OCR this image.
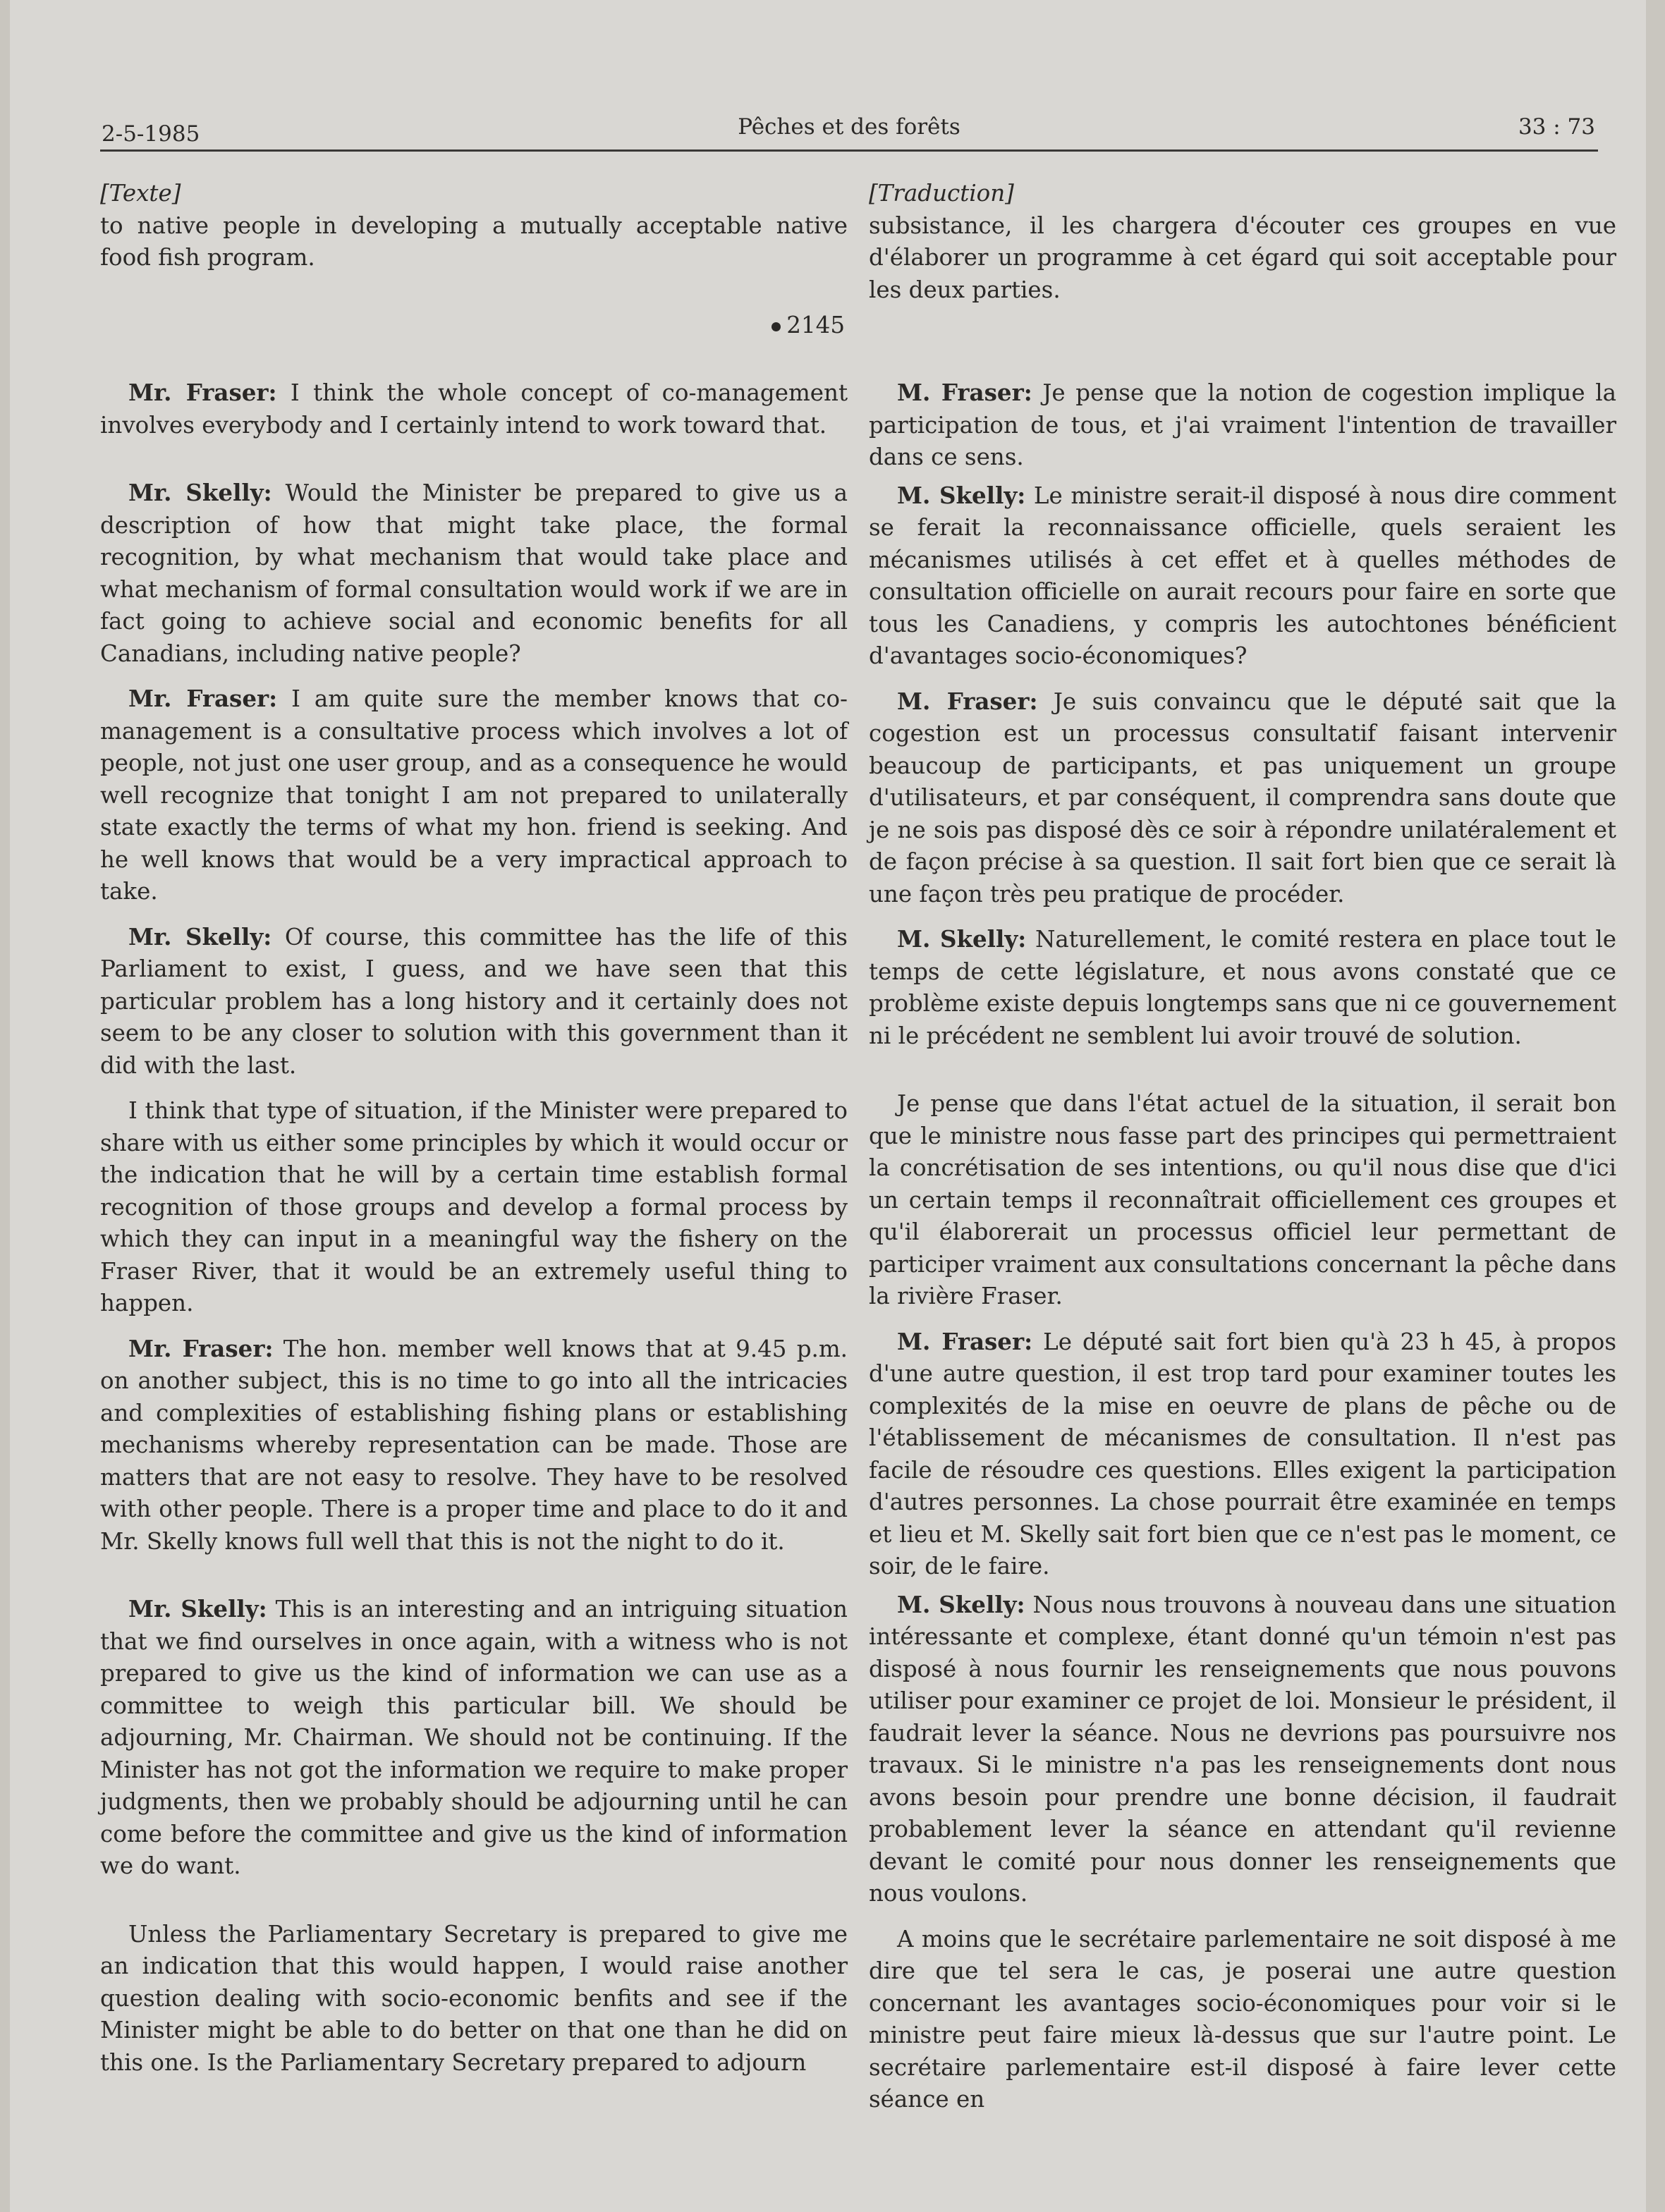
2-5-1985	Pêches et des forêts	33 : 73

[Texte]

to native people in developing a mutually acceptable native food fish program.

2145

Mr. Fraser: I think the whole concept of co-management involves everybody and I certainly intend to work toward that.

Mr. Skelly: Would the Minister be prepared to give us a description of how that might take place, the formal recognition, by what mechanism that would take place and what mechanism of formal consultation would work if we are in fact going to achieve social and economic benefits for all Canadians, including native people?

Mr. Fraser: I am quite sure the member knows that co-management is a consultative process which involves a lot of people, not just one user group, and as a consequence he would well recognize that tonight I am not prepared to unilaterally state exactly the terms of what my hon. friend is seeking. And he well knows that would be a very impractical approach to take.

Mr. Skelly: Of course, this committee has the life of this Parliament to exist, I guess, and we have seen that this particular problem has a long history and it certainly does not seem to be any closer to solution with this government than it did with the last.

I think that type of situation, if the Minister were prepared to share with us either some principles by which it would occur or the indication that he will by a certain time establish formal recognition of those groups and develop a formal process by which they can input in a meaningful way the fishery on the Fraser River, that it would be an extremely useful thing to happen.

Mr. Fraser: The hon. member well knows that at 9.45 p.m. on another subject, this is no time to go into all the intricacies and complexities of establishing fishing plans or establishing mechanisms whereby representation can be made. Those are matters that are not easy to resolve. They have to be resolved with other people. There is a proper time and place to do it and Mr. Skelly knows full well that this is not the night to do it.

Mr. Skelly: This is an interesting and an intriguing situation that we find ourselves in once again, with a witness who is not prepared to give us the kind of information we can use as a committee to weigh this particular bill. We should be adjourning, Mr. Chairman. We should not be continuing. If the Minister has not got the information we require to make proper judgments, then we probably should be adjourning until he can come before the committee and give us the kind of information we do want.

Unless the Parliamentary Secretary is prepared to give me an indication that this would happen, I would raise another question dealing with socio-economic benfits and see if the Minister might be able to do better on that one than he did on this one. Is the Parliamentary Secretary prepared to adjourn

[Traduction]

subsistance, il les chargera d'écouter ces groupes en vue d'élaborer un programme à cet égard qui soit acceptable pour les deux parties.

M. Fraser: Je pense que la notion de cogestion implique la participation de tous, et j'ai vraiment l'intention de travailler dans ce sens.

M. Skelly: Le ministre serait-il disposé à nous dire comment se ferait la reconnaissance officielle, quels seraient les mécanismes utilisés à cet effet et à quelles méthodes de consultation officielle on aurait recours pour faire en sorte que tous les Canadiens, y compris les autochtones bénéficient d'avantages socio-économiques?

M. Fraser: Je suis convaincu que le député sait que la cogestion est un processus consultatif faisant intervenir beaucoup de participants, et pas uniquement un groupe d'utilisateurs, et par conséquent, il comprendra sans doute que je ne sois pas disposé dès ce soir à répondre unilatéralement et de façon précise à sa question. Il sait fort bien que ce serait là une façon très peu pratique de procéder.

M. Skelly: Naturellement, le comité restera en place tout le temps de cette législature, et nous avons constaté que ce problème existe depuis longtemps sans que ni ce gouvernement ni le précédent ne semblent lui avoir trouvé de solution.

Je pense que dans l'état actuel de la situation, il serait bon que le ministre nous fasse part des principes qui permettraient la concrétisation de ses intentions, ou qu'il nous dise que d'ici un certain temps il reconnaîtrait officiellement ces groupes et qu'il élaborerait un processus officiel leur permettant de participer vraiment aux consultations concernant la pêche dans la rivière Fraser.

M. Fraser: Le député sait fort bien qu'à 23 h 45, à propos d'une autre question, il est trop tard pour examiner toutes les complexités de la mise en oeuvre de plans de pêche ou de l'établissement de mécanismes de consultation. Il n'est pas facile de résoudre ces questions. Elles exigent la participation d'autres personnes. La chose pourrait être examinée en temps et lieu et M. Skelly sait fort bien que ce n'est pas le moment, ce soir, de le faire.

M. Skelly: Nous nous trouvons à nouveau dans une situation intéressante et complexe, étant donné qu'un témoin n'est pas disposé à nous fournir les renseignements que nous pouvons utiliser pour examiner ce projet de loi. Monsieur le président, il faudrait lever la séance. Nous ne devrions pas poursuivre nos travaux. Si le ministre n'a pas les renseignements dont nous avons besoin pour prendre une bonne décision, il faudrait probablement lever la séance en attendant qu'il revienne devant le comité pour nous donner les renseignements que nous voulons.

A moins que le secrétaire parlementaire ne soit disposé à me dire que tel sera le cas, je poserai une autre question concernant les avantages socio-économiques pour voir si le ministre peut faire mieux là-dessus que sur l'autre point. Le secrétaire parlementaire est-il disposé à faire lever cette séance en
